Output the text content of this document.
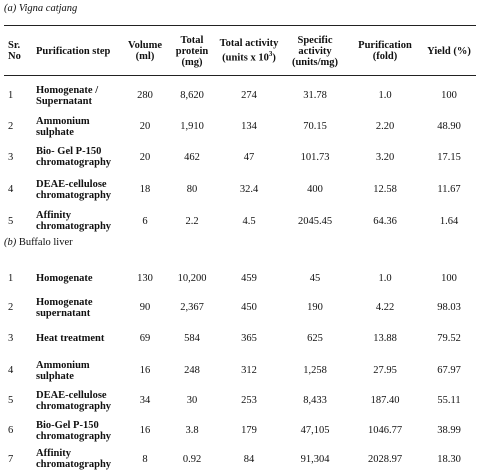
(a) Vigna catjang
Sr. No	Purification step	Volume (ml)	Total protein (mg)	Total activity (units x $10^3$)	Specific activity (units/mg)	Purification (fold)	Yield (%)
1	Homogenate / Supernatant	280	8,620	274	31.78	1.0	100
2	Ammonium sulphate	20	1,910	134	70.15	2.20	48.90
3	Bio- Gel P-150 chromatography	20	462	47	101.73	3.20	17.15
4	DEAE-cellulose chromatography	18	80	32.4	400	12.58	11.67
5	Affinity chromatography	6	2.2	4.5	2045.45	64.36	1.64
(b) Buffalo liver
1	Homogenate	130	10,200	459	45	1.0	100
2	Homogenate supernatant	90	2,367	450	190	4.22	98.03
3	Heat treatment	69	584	365	625	13.88	79.52
4	Ammonium sulphate	16	248	312	1,258	27.95	67.97
5	DEAE-cellulose chromatography	34	30	253	8,433	187.40	55.11
6	Bio-Gel P-150 chromatography	16	3.8	179	47,105	1046.77	38.99
7	Affinity chromatography	8	0.92	84	91,304	2028.97	18.30
